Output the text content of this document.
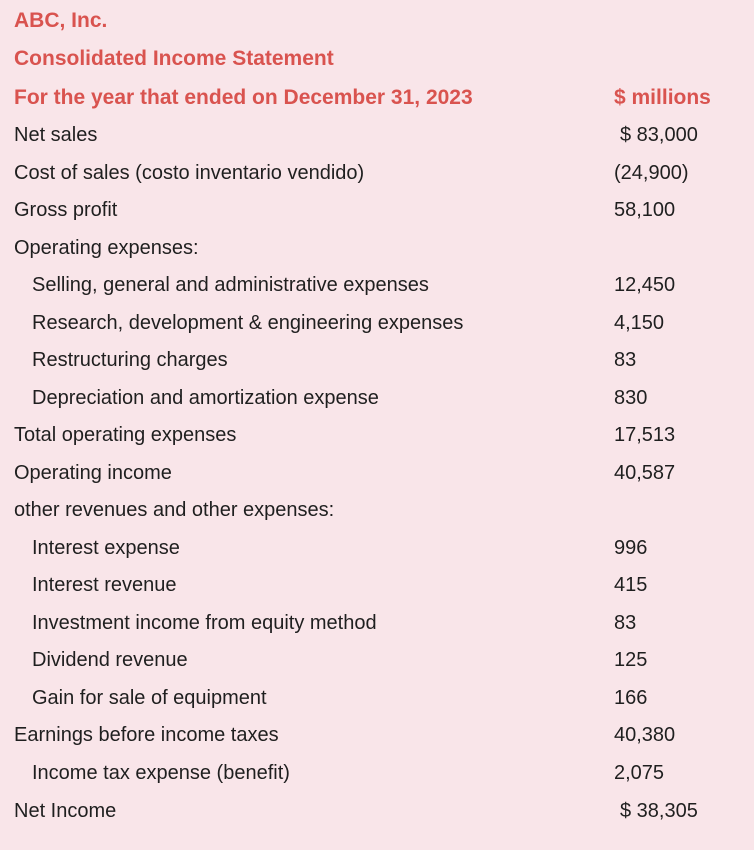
ABC, Inc.
Consolidated Income Statement
For the year that ended on December 31, 2023	$ millions
Net sales	$ 83,000
Cost of sales (costo inventario vendido)	(24,900)
Gross profit	58,100
Operating expenses:
Selling, general and administrative expenses	12,450
Research, development & engineering expenses	4,150
Restructuring charges	83
Depreciation and amortization expense	830
Total operating expenses	17,513
Operating income	40,587
other revenues and other expenses:
Interest expense	996
Interest revenue	415
Investment income from equity method	83
Dividend revenue	125
Gain for sale of equipment	166
Earnings before income taxes	40,380
Income tax expense (benefit)	2,075
Net Income	$ 38,305
